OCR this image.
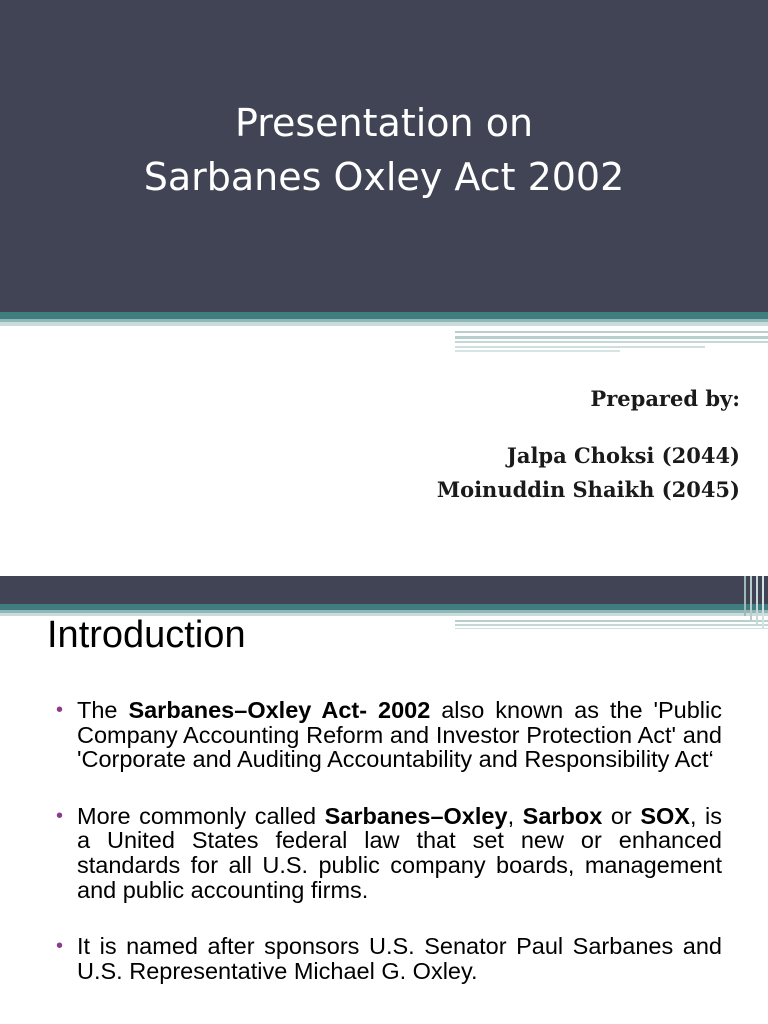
Presentation on
Sarbanes Oxley Act 2002
Prepared by:
Jalpa Choksi (2044)
Moinuddin Shaikh (2045)
Introduction
• The Sarbanes–Oxley Act- 2002 also known as the 'Public Company Accounting Reform and Investor Protection Act' and 'Corporate and Auditing Accountability and Responsibility Act‘
• More commonly called Sarbanes–Oxley, Sarbox or SOX, is a United States federal law that set new or enhanced standards for all U.S. public company boards, management and public accounting firms.
• It is named after sponsors U.S. Senator Paul Sarbanes and U.S. Representative Michael G. Oxley.
